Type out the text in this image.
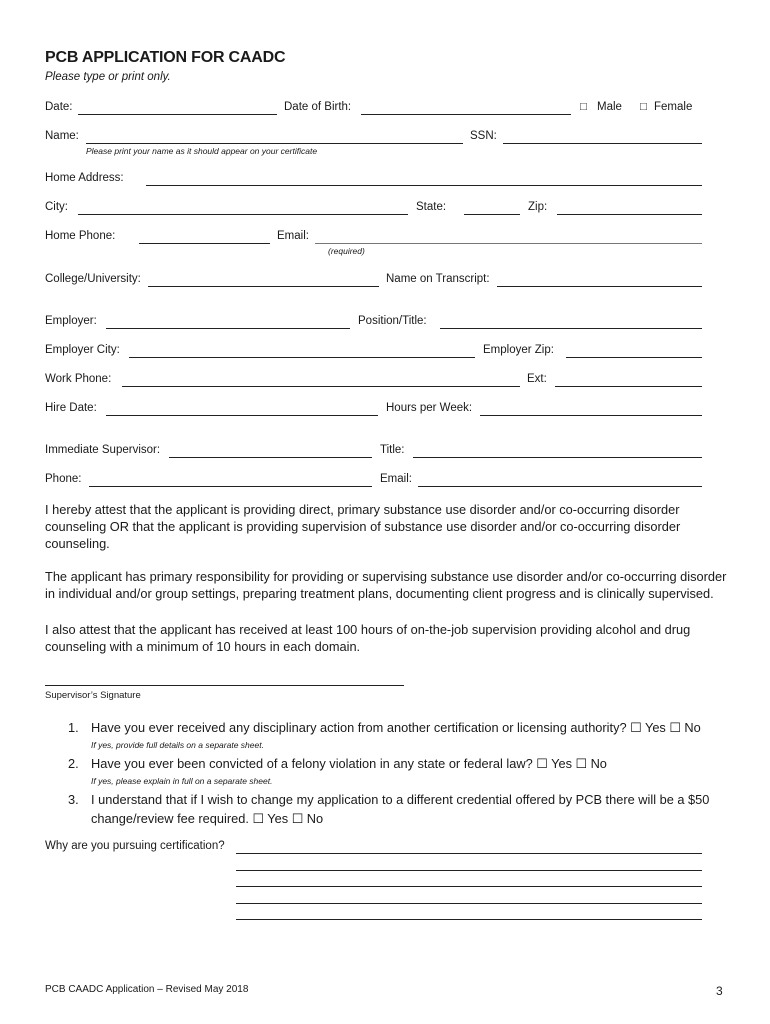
PCB APPLICATION FOR CAADC
Please type or print only.
Date:	Date of Birth:	□ Male □ Female
Name:	SSN:
Please print your name as it should appear on your certificate
Home Address:
City:	State:	Zip:
Home Phone:	Email:
(required)
College/University:	Name on Transcript:
Employer:	Position/Title:
Employer City:	Employer Zip:
Work Phone:	Ext:
Hire Date:	Hours per Week:
Immediate Supervisor:	Title:
Phone:	Email:
I hereby attest that the applicant is providing direct, primary substance use disorder and/or co-occurring disorder counseling OR that the applicant is providing supervision of substance use disorder and/or co-occurring disorder counseling.
The applicant has primary responsibility for providing or supervising substance use disorder and/or co-occurring disorder in individual and/or group settings, preparing treatment plans, documenting client progress and is clinically supervised.
I also attest that the applicant has received at least 100 hours of on-the-job supervision providing alcohol and drug counseling with a minimum of 10 hours in each domain.
Supervisor’s Signature
1. Have you ever received any disciplinary action from another certification or licensing authority? ☐ Yes ☐ No
If yes, provide full details on a separate sheet.
2. Have you ever been convicted of a felony violation in any state or federal law? ☐ Yes ☐ No
If yes, please explain in full on a separate sheet.
3. I understand that if I wish to change my application to a different credential offered by PCB there will be a $50
change/review fee required. ☐ Yes ☐ No
Why are you pursuing certification?
PCB CAADC Application – Revised May 2018	3
